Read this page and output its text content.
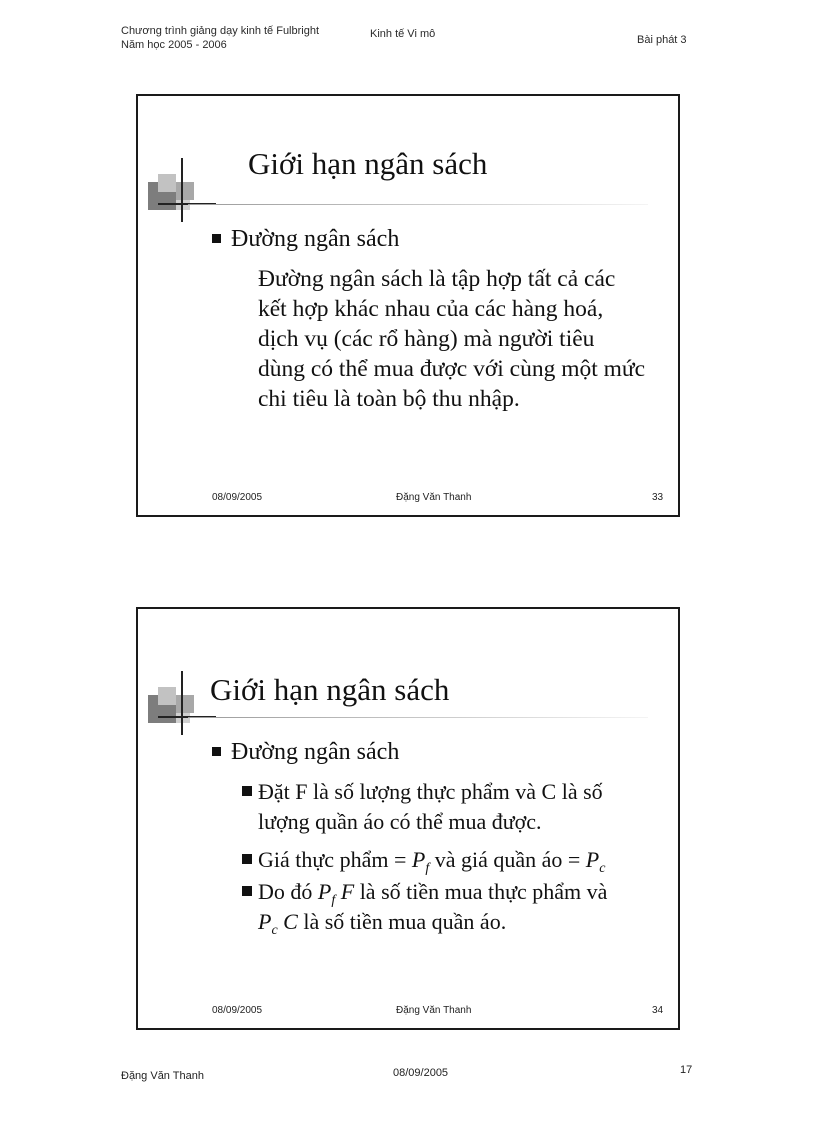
Chương trình giảng dạy kinh tế Fulbright
Năm học 2005 - 2006
Kinh tế Vi mô	Bài phát 3
Giới hạn ngân sách
Đường ngân sách
Đường ngân sách là tập hợp tất cả các
kết hợp khác nhau của các hàng hoá,
dịch vụ (các rổ hàng) mà người tiêu
dùng có thể mua được với cùng một mức
chi tiêu là toàn bộ thu nhập.
08/09/2005	Đặng Văn Thanh	33
Giới hạn ngân sách
Đường ngân sách
Đặt F là số lượng thực phẩm và C là số
lượng quần áo có thể mua được.
Giá thực phẩm = $P_f$ và giá quần áo = $P_c$
Do đó $P_f$ F là số tiền mua thực phẩm và
$P_c$ C là số tiền mua quần áo.
08/09/2005	Đặng Văn Thanh	34
Đặng Văn Thanh	08/09/2005	17
